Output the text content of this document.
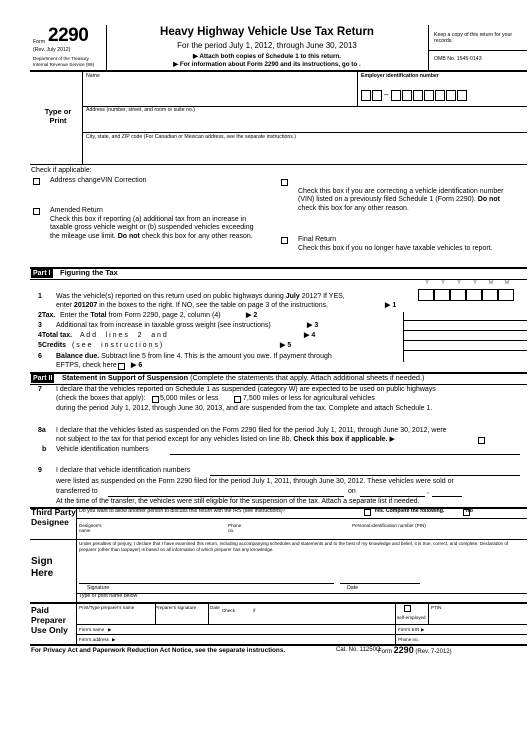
Form 2290
(Rev. July 2012)
Department of the Treasury
Internal Revenue Service (99)
Heavy Highway Vehicle Use Tax Return
For the period July 1, 2012, through June 30, 2013
▶ Attach both copies of Schedule 1 to this return.
▶ For information about Form 2290 and its instructions, go to .
Keep a copy of this return for your records.
OMB No. 1545-0143
Type or Print
Name	Employer identification number
–
Address (number, street, and room or suite no.)
City, state, and ZIP code (For Canadian or Mexican address, see the separate instructions.)
Check if applicable:
Address changeVIN Correction
Check this box if you are correcting a vehicle identification number (VIN) listed on a previously filed Schedule 1 (Form 2290). Do not check this box for any other reason.
Amended Return
Check this box if reporting (a) additional tax from an increase in taxable gross vehicle weight or (b) suspended vehicles exceeding the mileage use limit. Do not check this box for any other reason.	Final Return
Check this box if you no longer have taxable vehicles to report.
Part I Figuring the Tax
Y	Y	Y	Y	M	M
1 Was the vehicle(s) reported on this return used on public highways during July 2012? If YES,
enter 201207 in the boxes to the right. If NO, see the table on page 3 of the instructions.	▶ 1
2Tax. Enter the Total from Form 2290, page 2, column (4)	▶ 2
3 Additional tax from increase in taxable gross weight (see instructions)	▶ 3
4Total tax. A d d     l i n e s     2     a n d	▶ 4
5Credits ( s e e     i n s t r u c t i o n s )	▶ 5
6 Balance due. Subtract line 5 from line 4. This is the amount you owe. If payment through
EFTPS, check here ▶ 6
Part II Statement in Support of Suspension (Complete the statements that apply. Attach additional sheets if needed.)
7 I declare that the vehicles reported on Schedule 1 as suspended (category W) are expected to be used on public highways
(check the boxes that apply): 5,000 miles or less	7,500 miles or less for agricultural vehicles
during the period July 1, 2012, through June 30, 2013, and are suspended from the tax. Complete and attach Schedule 1.
8a I declare that the vehicles listed as suspended on the Form 2290 filed for the period July 1, 2011, through June 30, 2012, were
not subject to the tax for that period except for any vehicles listed on line 8b. Check this box if applicable. ▶
b Vehicle identification numbers
9 I declare that vehicle identification numbers
were listed as suspended on the Form 2290 filed for the period July 1, 2011, through June 30, 2012. These vehicles were sold or
transferred to	on	,
At the time of the transfer, the vehicles were still eligible for the suspension of the tax. Attach a separate list if needed.
Third Party Designee
Do you want to allow another person to discuss this return with the IRS (see instructions)?	Yes. Complete the following.	No
Designee's name
Phone no.
Personal identification number (PIN)
Sign Here
Under penalties of perjury, I declare that I have examined this return, including accompanying schedules and statements and to the best of my knowledge and belief, it is true, correct, and complete. Declaration of preparer (other than taxpayer) is based on all information of which preparer has any knowledge.
Signature	Date
Type or print name below
Paid Preparer Use Only
Print/Type preparer's name	Preparer's signature	Date
Check	if
self-employed
PTIN
Firm's name ▶	Firm's EIN ▶
Firm's address ▶	Phone no.
For Privacy Act and Paperwork Reduction Act Notice, see the separate instructions.	Cat. No. 11250O
Form 2290 (Rev. 7-2012)
